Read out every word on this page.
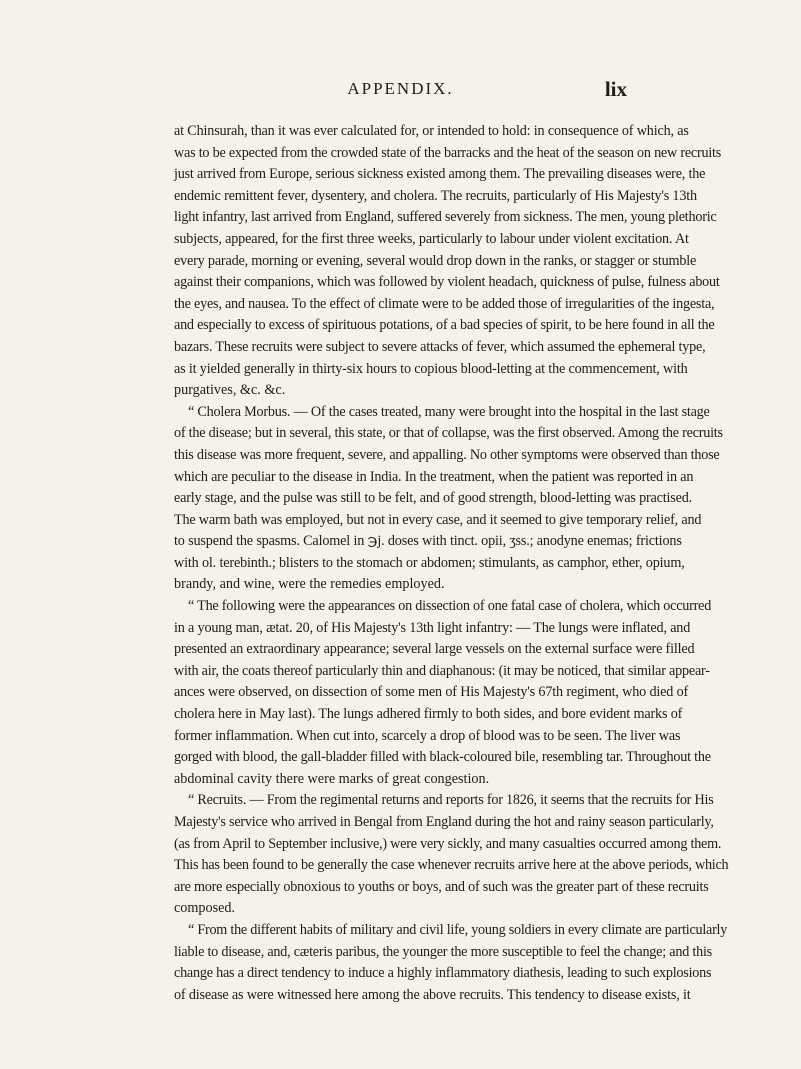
APPENDIX.	lix
at Chinsurah, than it was ever calculated for, or intended to hold: in consequence of which, as
was to be expected from the crowded state of the barracks and the heat of the season on new recruits
just arrived from Europe, serious sickness existed among them. The prevailing diseases were, the
endemic remittent fever, dysentery, and cholera. The recruits, particularly of His Majesty's 13th
light infantry, last arrived from England, suffered severely from sickness. The men, young plethoric
subjects, appeared, for the first three weeks, particularly to labour under violent excitation. At
every parade, morning or evening, several would drop down in the ranks, or stagger or stumble
against their companions, which was followed by violent headach, quickness of pulse, fulness about
the eyes, and nausea. To the effect of climate were to be added those of irregularities of the ingesta,
and especially to excess of spirituous potations, of a bad species of spirit, to be here found in all the
bazars. These recruits were subject to severe attacks of fever, which assumed the ephemeral type,
as it yielded generally in thirty-six hours to copious blood-letting at the commencement, with
purgatives, &c. &c.
“ Cholera Morbus. — Of the cases treated, many were brought into the hospital in the last stage
of the disease; but in several, this state, or that of collapse, was the first observed. Among the recruits
this disease was more frequent, severe, and appalling. No other symptoms were observed than those
which are peculiar to the disease in India. In the treatment, when the patient was reported in an
early stage, and the pulse was still to be felt, and of good strength, blood-letting was practised.
The warm bath was employed, but not in every case, and it seemed to give temporary relief, and
to suspend the spasms. Calomel in ℈j. doses with tinct. opii, ʒss.; anodyne enemas; frictions
with ol. terebinth.; blisters to the stomach or abdomen; stimulants, as camphor, ether, opium,
brandy, and wine, were the remedies employed.
“ The following were the appearances on dissection of one fatal case of cholera, which occurred
in a young man, ætat. 20, of His Majesty's 13th light infantry: — The lungs were inflated, and
presented an extraordinary appearance; several large vessels on the external surface were filled
with air, the coats thereof particularly thin and diaphanous: (it may be noticed, that similar appear-
ances were observed, on dissection of some men of His Majesty's 67th regiment, who died of
cholera here in May last). The lungs adhered firmly to both sides, and bore evident marks of
former inflammation. When cut into, scarcely a drop of blood was to be seen. The liver was
gorged with blood, the gall-bladder filled with black-coloured bile, resembling tar. Throughout the
abdominal cavity there were marks of great congestion.
“ Recruits. — From the regimental returns and reports for 1826, it seems that the recruits for His
Majesty's service who arrived in Bengal from England during the hot and rainy season particularly,
(as from April to September inclusive,) were very sickly, and many casualties occurred among them.
This has been found to be generally the case whenever recruits arrive here at the above periods, which
are more especially obnoxious to youths or boys, and of such was the greater part of these recruits
composed.
“ From the different habits of military and civil life, young soldiers in every climate are particularly
liable to disease, and, cæteris paribus, the younger the more susceptible to feel the change; and this
change has a direct tendency to induce a highly inflammatory diathesis, leading to such explosions
of disease as were witnessed here among the above recruits. This tendency to disease exists, it
